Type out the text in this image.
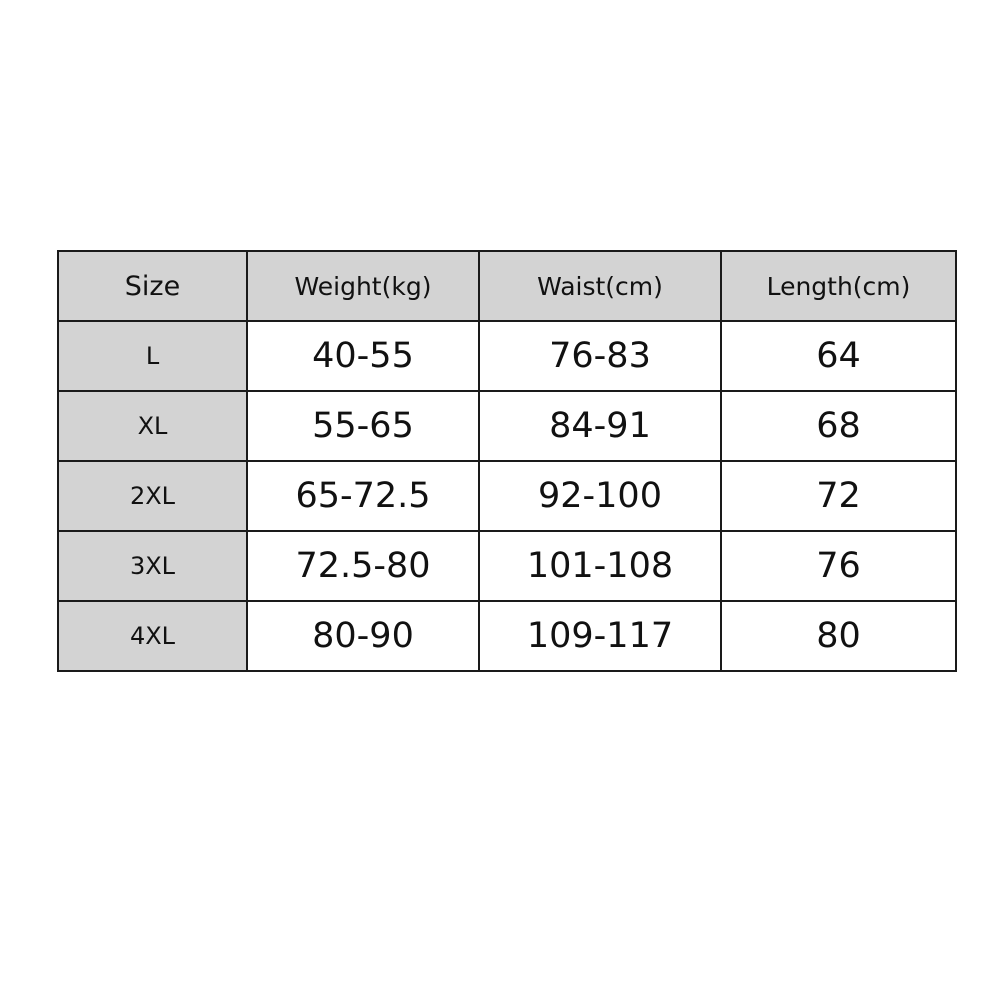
Size	Weight(kg)	Waist(cm)	Length(cm)
L	40-55	76-83	64
XL	55-65	84-91	68
2XL	65-72.5	92-100	72
3XL	72.5-80	101-108	76
4XL	80-90	109-117	80
